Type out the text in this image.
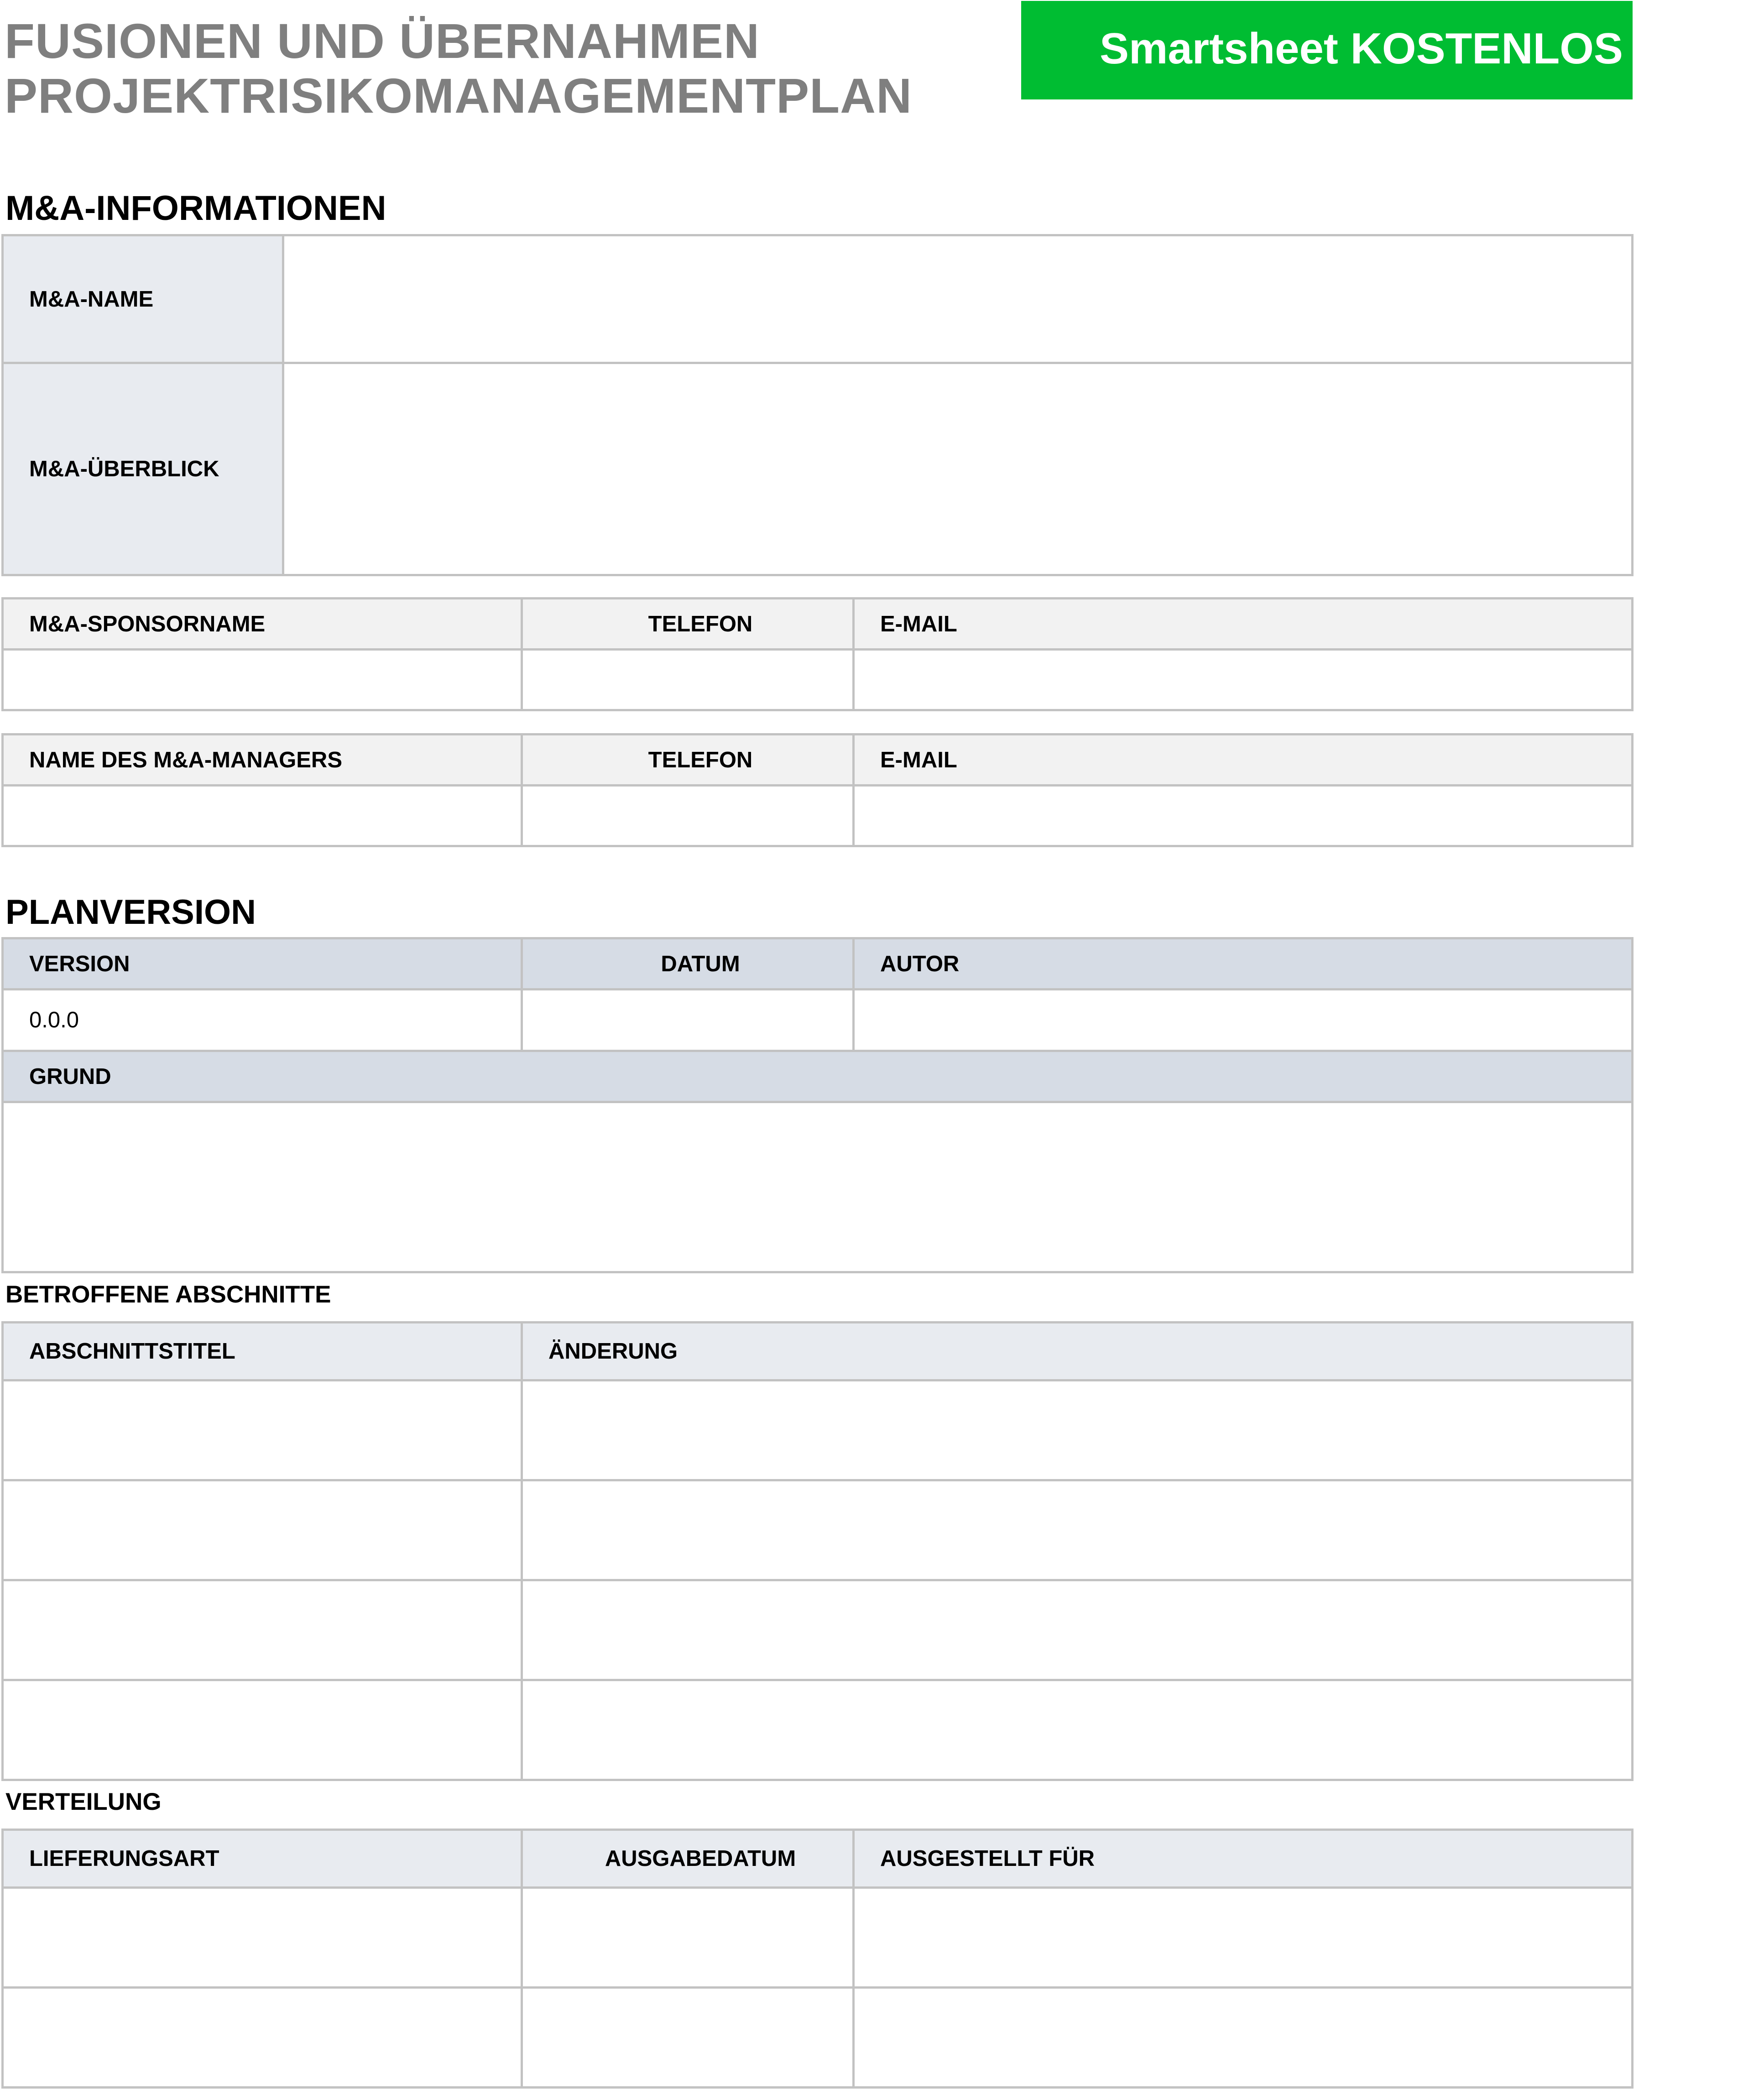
FUSIONEN UND ÜBERNAHMEN
PROJEKTRISIKOMANAGEMENTPLAN
Smartsheet KOSTENLOS testen
M&A-INFORMATIONEN
M&A-NAME	
M&A-ÜBERBLICK	
M&A-SPONSORNAME	TELEFON	E-MAIL

NAME DES M&A-MANAGERS	TELEFON	E-MAIL

PLANVERSION
VERSION	DATUM	AUTOR
0.0.0		
GRUND		

BETROFFENE ABSCHNITTE
ABSCHNITTSTITEL	ÄNDERUNG

VERTEILUNG
LIEFERUNGSART	AUSGABEDATUM	AUSGESTELLT FÜR
